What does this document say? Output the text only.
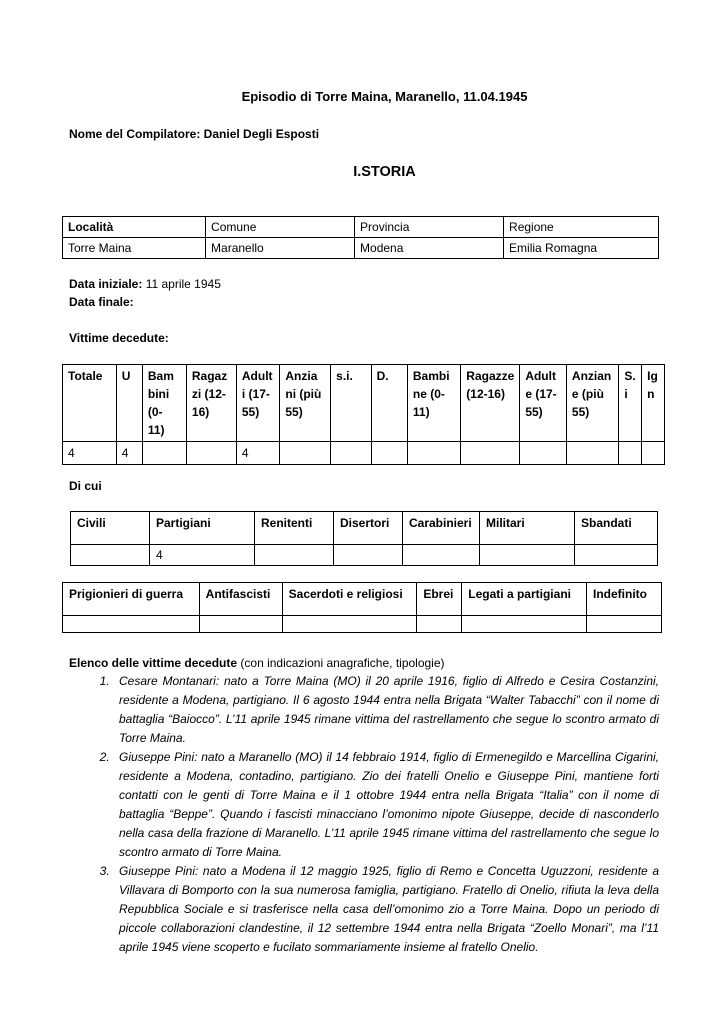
Episodio di Torre Maina, Maranello, 11.04.1945
Nome del Compilatore: Daniel Degli Esposti
I.STORIA
Località	Comune	Provincia	Regione
Torre Maina	Maranello	Modena	Emilia Romagna
Data iniziale: 11 aprile 1945
Data finale:
Vittime decedute:
Totale	U	Bam bini (0- 11)	Ragaz zi (12- 16)	Adult i (17- 55)	Anzia ni (più 55)	s.i.	D.	Bambi ne (0- 11)	Ragazze (12-16)	Adult e (17- 55)	Anzian e (più 55)	S. i	Ig n
4	4			4									
Di cui
Civili	Partigiani	Renitenti	Disertori	Carabinieri	Militari	Sbandati
	4					
Prigionieri di guerra	Antifascisti	Sacerdoti e religiosi	Ebrei	Legati a partigiani	Indefinito

Elenco delle vittime decedute (con indicazioni anagrafiche, tipologie)
1. Cesare Montanari: nato a Torre Maina (MO) il 20 aprile 1916, figlio di Alfredo e Cesira Costanzini, residente a Modena, partigiano. Il 6 agosto 1944 entra nella Brigata “Walter Tabacchi” con il nome di battaglia “Baiocco”. L’11 aprile 1945 rimane vittima del rastrellamento che segue lo scontro armato di Torre Maina.
2. Giuseppe Pini: nato a Maranello (MO) il 14 febbraio 1914, figlio di Ermenegildo e Marcellina Cigarini, residente a Modena, contadino, partigiano. Zio dei fratelli Onelio e Giuseppe Pini, mantiene forti contatti con le genti di Torre Maina e il 1 ottobre 1944 entra nella Brigata “Italia” con il nome di battaglia “Beppe”. Quando i fascisti minacciano l’omonimo nipote Giuseppe, decide di nasconderlo nella casa della frazione di Maranello. L’11 aprile 1945 rimane vittima del rastrellamento che segue lo scontro armato di Torre Maina.
3. Giuseppe Pini: nato a Modena il 12 maggio 1925, figlio di Remo e Concetta Uguzzoni, residente a Villavara di Bomporto con la sua numerosa famiglia, partigiano. Fratello di Onelio, rifiuta la leva della Repubblica Sociale e si trasferisce nella casa dell’omonimo zio a Torre Maina. Dopo un periodo di piccole collaborazioni clandestine, il 12 settembre 1944 entra nella Brigata “Zoello Monari”, ma l’11 aprile 1945 viene scoperto e fucilato sommariamente insieme al fratello Onelio.
